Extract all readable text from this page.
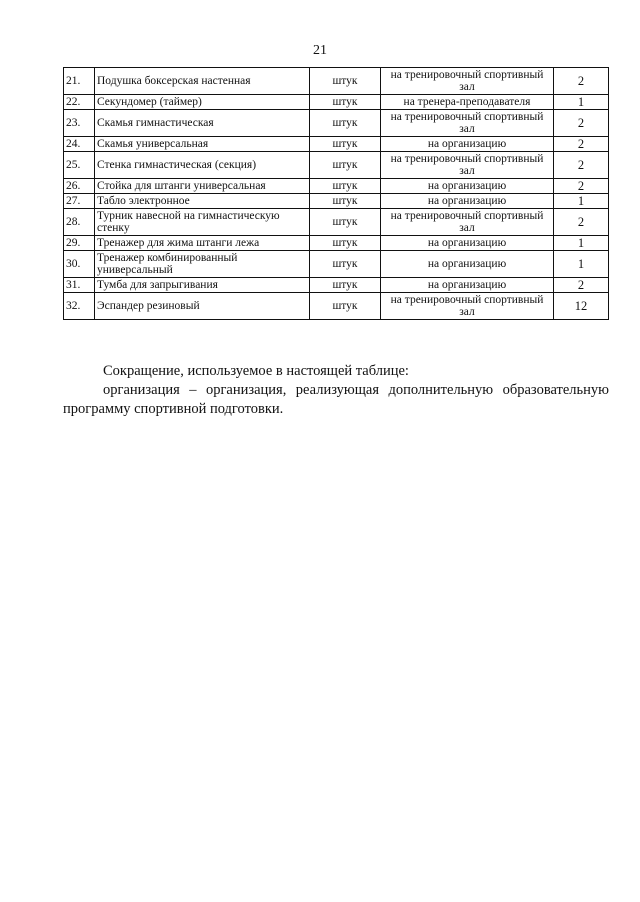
21
21.	Подушка боксерская настенная	штук	на тренировочный спортивный зал	2
22.	Секундомер (таймер)	штук	на тренера-преподавателя	1
23.	Скамья гимнастическая	штук	на тренировочный спортивный зал	2
24.	Скамья универсальная	штук	на организацию	2
25.	Стенка гимнастическая (секция)	штук	на тренировочный спортивный зал	2
26.	Стойка для штанги универсальная	штук	на организацию	2
27.	Табло электронное	штук	на организацию	1
28.	Турник навесной на гимнастическую стенку	штук	на тренировочный спортивный зал	2
29.	Тренажер для жима штанги лежа	штук	на организацию	1
30.	Тренажер комбинированный универсальный	штук	на организацию	1
31.	Тумба для запрыгивания	штук	на организацию	2
32.	Эспандер резиновый	штук	на тренировочный спортивный зал	12
Сокращение, используемое в настоящей таблице:
организация – организация, реализующая дополнительную образовательную программу спортивной подготовки.
